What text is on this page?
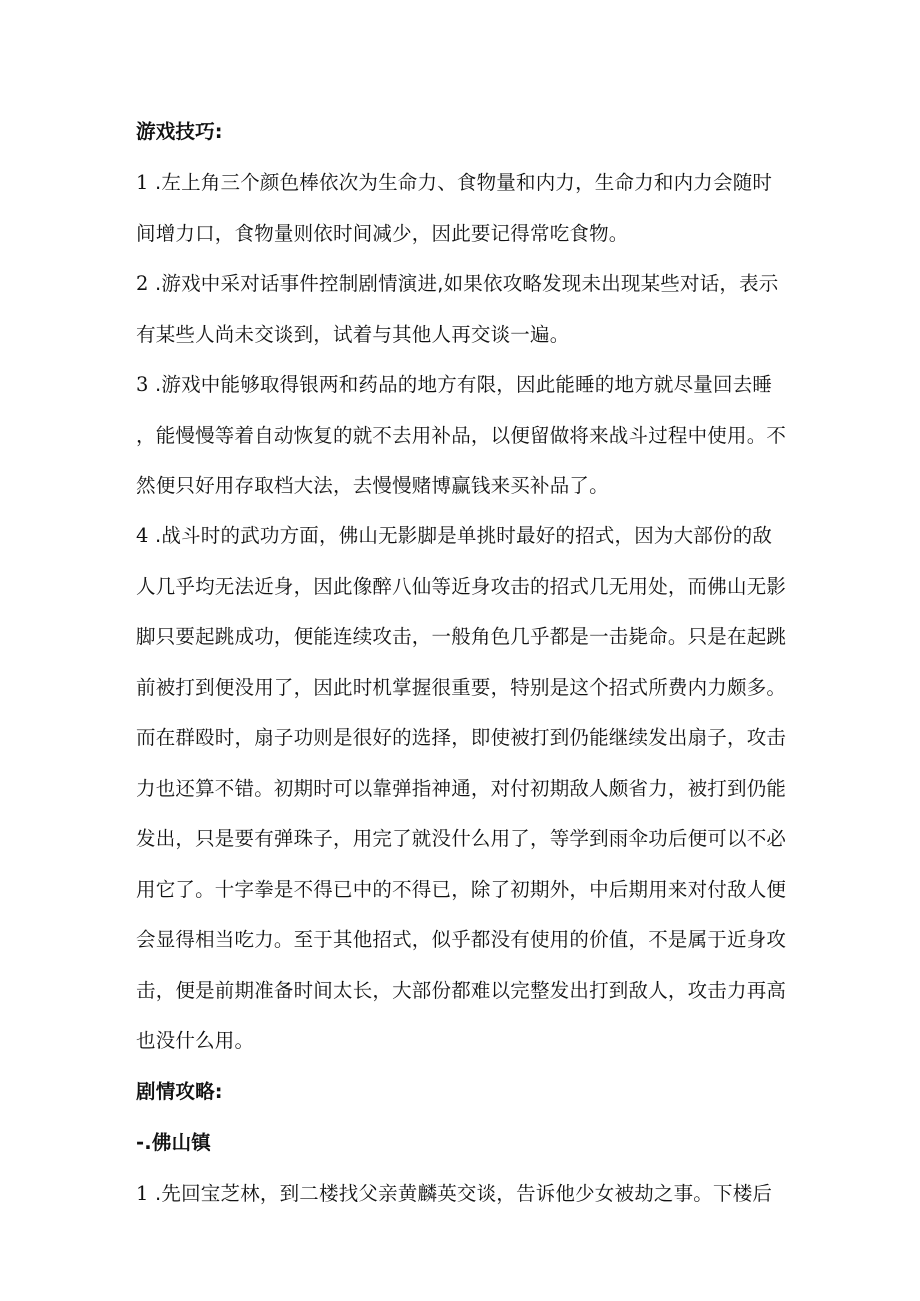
游戏技巧:

1 .左上角三个颜色棒依次为生命力、食物量和内力，生命力和内力会随时间增力口，食物量则依时间减少，因此要记得常吃食物。

2 .游戏中采对话事件控制剧情演进,如果依攻略发现未出现某些对话，表示有某些人尚未交谈到，试着与其他人再交谈一遍。

3 .游戏中能够取得银两和药品的地方有限，因此能睡的地方就尽量回去睡，能慢慢等着自动恢复的就不去用补品，以便留做将来战斗过程中使用。不然便只好用存取档大法，去慢慢赌博赢钱来买补品了。

4 .战斗时的武功方面，佛山无影脚是单挑时最好的招式，因为大部份的敌人几乎均无法近身，因此像醉八仙等近身攻击的招式几无用处，而佛山无影脚只要起跳成功，便能连续攻击，一般角色几乎都是一击毙命。只是在起跳前被打到便没用了，因此时机掌握很重要，特别是这个招式所费内力颇多。而在群殴时，扇子功则是很好的选择，即使被打到仍能继续发出扇子，攻击力也还算不错。初期时可以靠弹指神通，对付初期敌人颇省力，被打到仍能发出，只是要有弹珠子，用完了就没什么用了，等学到雨伞功后便可以不必用它了。十字拳是不得已中的不得已，除了初期外，中后期用来对付敌人便会显得相当吃力。至于其他招式，似乎都没有使用的价值，不是属于近身攻击，便是前期准备时间太长，大部份都难以完整发出打到敌人，攻击力再高也没什么用。

剧情攻略:

-.佛山镇

1 .先回宝芝林，到二楼找父亲黄麟英交谈，告诉他少女被劫之事。下楼后
